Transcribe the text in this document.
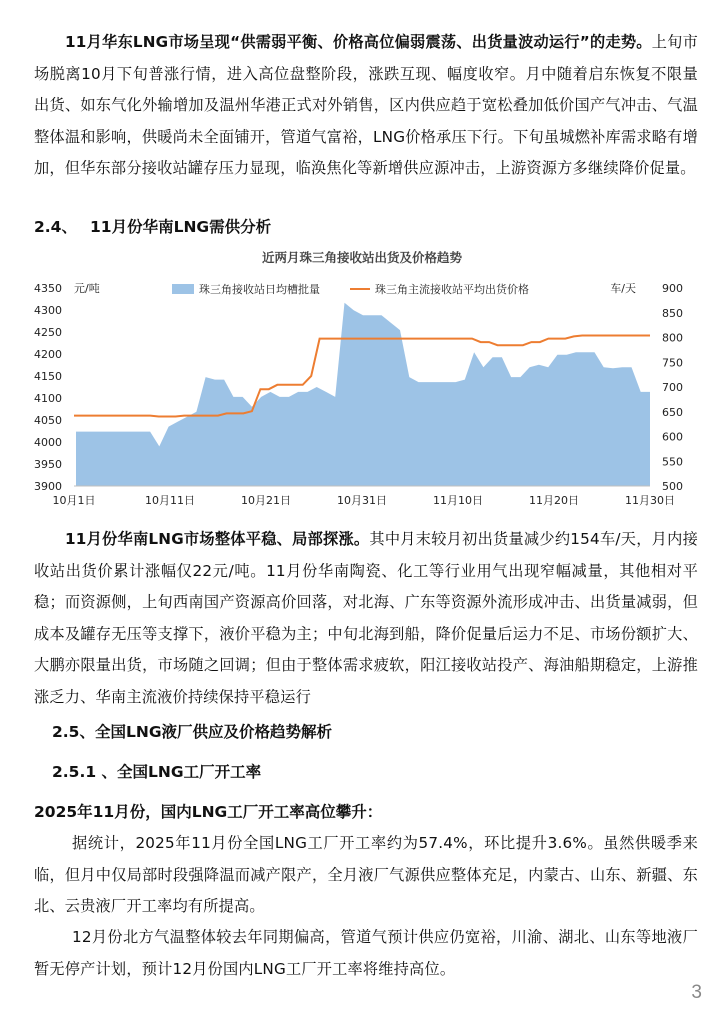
11月华东LNG市场呈现“供需弱平衡、价格高位偏弱震荡、出货量波动运行”的走势。上旬市场脱离10月下旬普涨行情，进入高位盘整阶段，涨跌互现、幅度收窄。月中随着启东恢复不限量出货、如东气化外输增加及温州华港正式对外销售，区内供应趋于宽松叠加低价国产气冲击、气温整体温和影响，供暖尚未全面铺开，管道气富裕，LNG价格承压下行。下旬虽城燃补库需求略有增加，但华东部分接收站罐存压力显现，临涣焦化等新增供应源冲击，上游资源方多继续降价促量。
2.4、 11月份华南LNG需供分析
近两月珠三角接收站出货及价格趋势
元/吨	车/天
珠三角接收站日均槽批量	珠三角主流接收站平均出货价格
10月1日	10月11日	10月21日	10月31日	11月10日	11月20日	11月30日
3900
3950
4000
4050
4100
4150
4200
4250
4300
4350
500
550
600
650
700
750
800
850
900
11月份华南LNG市场整体平稳、局部探涨。其中月末较月初出货量减少约154车/天，月内接收站出货价累计涨幅仅22元/吨。11月份华南陶瓷、化工等行业用气出现窄幅减量，其他相对平稳；而资源侧，上旬西南国产资源高价回落，对北海、广东等资源外流形成冲击、出货量减弱，但成本及罐存无压等支撑下，液价平稳为主；中旬北海到船，降价促量后运力不足、市场份额扩大、大鹏亦限量出货，市场随之回调；但由于整体需求疲软，阳江接收站投产、海油船期稳定，上游推涨乏力、华南主流液价持续保持平稳运行
2.5、全国LNG液厂供应及价格趋势解析
2.5.1 、全国LNG工厂开工率
2025年11月份，国内LNG工厂开工率高位攀升：
据统计，2025年11月份全国LNG工厂开工率约为57.4%，环比提升3.6%。虽然供暖季来临，但月中仅局部时段强降温而减产限产，全月液厂气源供应整体充足，内蒙古、山东、新疆、东北、云贵液厂开工率均有所提高。
12月份北方气温整体较去年同期偏高，管道气预计供应仍宽裕，川渝、湖北、山东等地液厂暂无停产计划，预计12月份国内LNG工厂开工率将维持高位。
3
